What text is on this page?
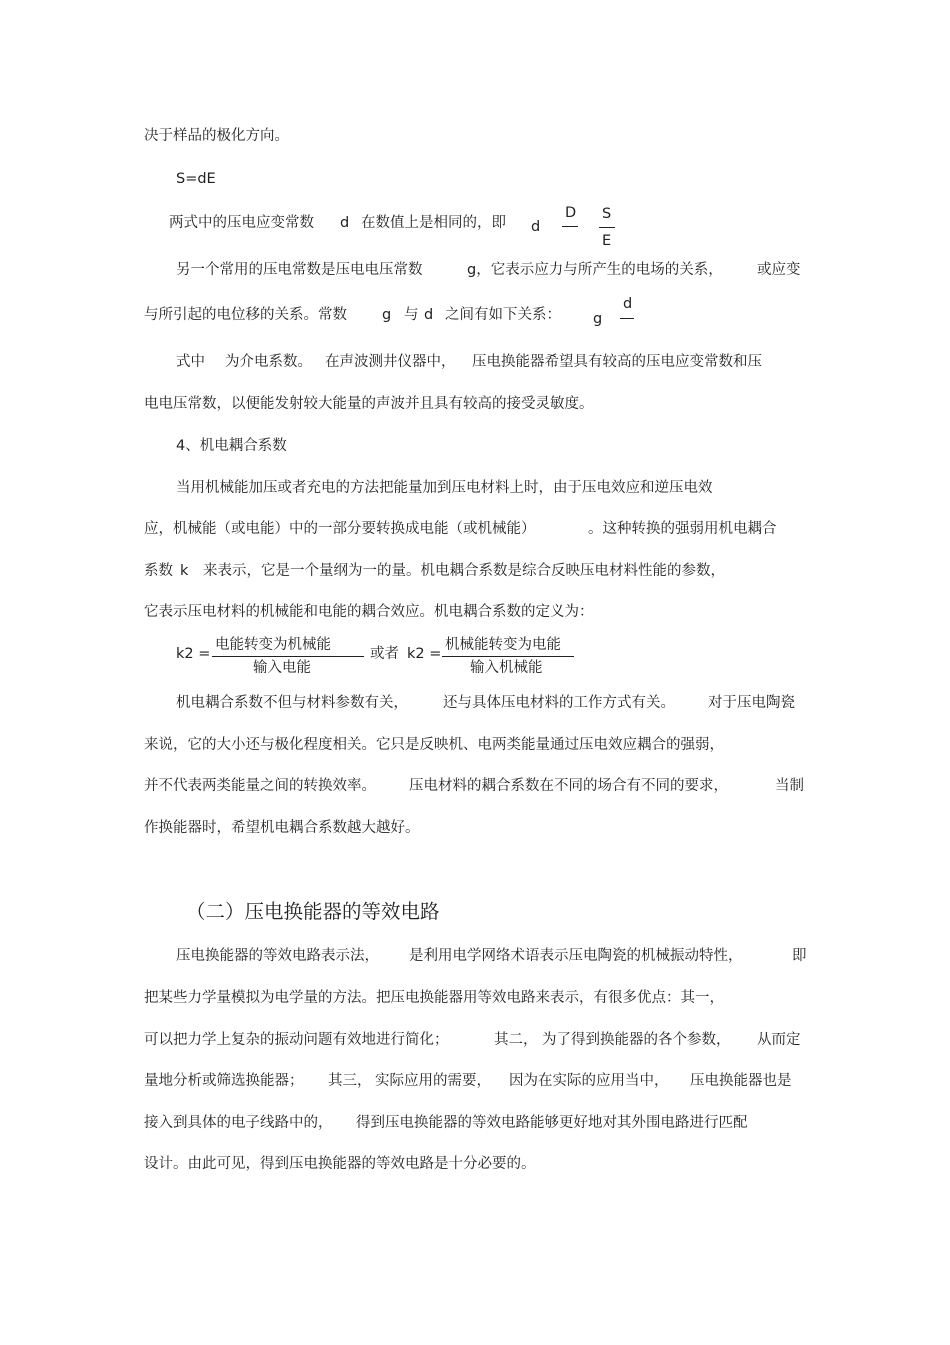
决于样品的极化方向。
S=dE
两式中的压电应变常数 d 在数值上是相同的，即 d
D S
E
另一个常用的压电常数是压电电压常数	g，它表示应力与所产生的电场的关系， 或应变
与所引起的电位移的关系。常数 g 与 d 之间有如下关系： g
d
式中 为介电系数。 在声波测井仪器中， 压电换能器希望具有较高的压电应变常数和压
电电压常数，以便能发射较大能量的声波并且具有较高的接受灵敏度。
4、机电耦合系数
当用机械能加压或者充电的方法把能量加到压电材料上时，由于压电效应和逆压电效
应，机械能（或电能）中的一部分要转换成电能（或机械能）	。这种转换的强弱用机电耦合
系数 k 来表示，它是一个量纲为一的量。机电耦合系数是综合反映压电材料性能的参数，
它表示压电材料的机械能和电能的耦合效应。机电耦合系数的定义为：
k2 =
电能转变为机械能
输入电能
或者 k2 =
机械能转变为电能
输入机械能
机电耦合系数不但与材料参数有关， 还与具体压电材料的工作方式有关。 对于压电陶瓷
来说，它的大小还与极化程度相关。它只是反映机、电两类能量通过压电效应耦合的强弱，
并不代表两类能量之间的转换效率。 压电材料的耦合系数在不同的场合有不同的要求，	当制
作换能器时，希望机电耦合系数越大越好。
（二）压电换能器的等效电路
压电换能器的等效电路表示法， 是利用电学网络术语表示压电陶瓷的机械振动特性，	即
把某些力学量模拟为电学量的方法。把压电换能器用等效电路来表示，有很多优点：其一，
可以把力学上复杂的振动问题有效地进行简化；	其二， 为了得到换能器的各个参数， 从而定
量地分析或筛选换能器； 其三， 实际应用的需要， 因为在实际的应用当中， 压电换能器也是
接入到具体的电子线路中的， 得到压电换能器的等效电路能够更好地对其外围电路进行匹配
设计。由此可见，得到压电换能器的等效电路是十分必要的。
